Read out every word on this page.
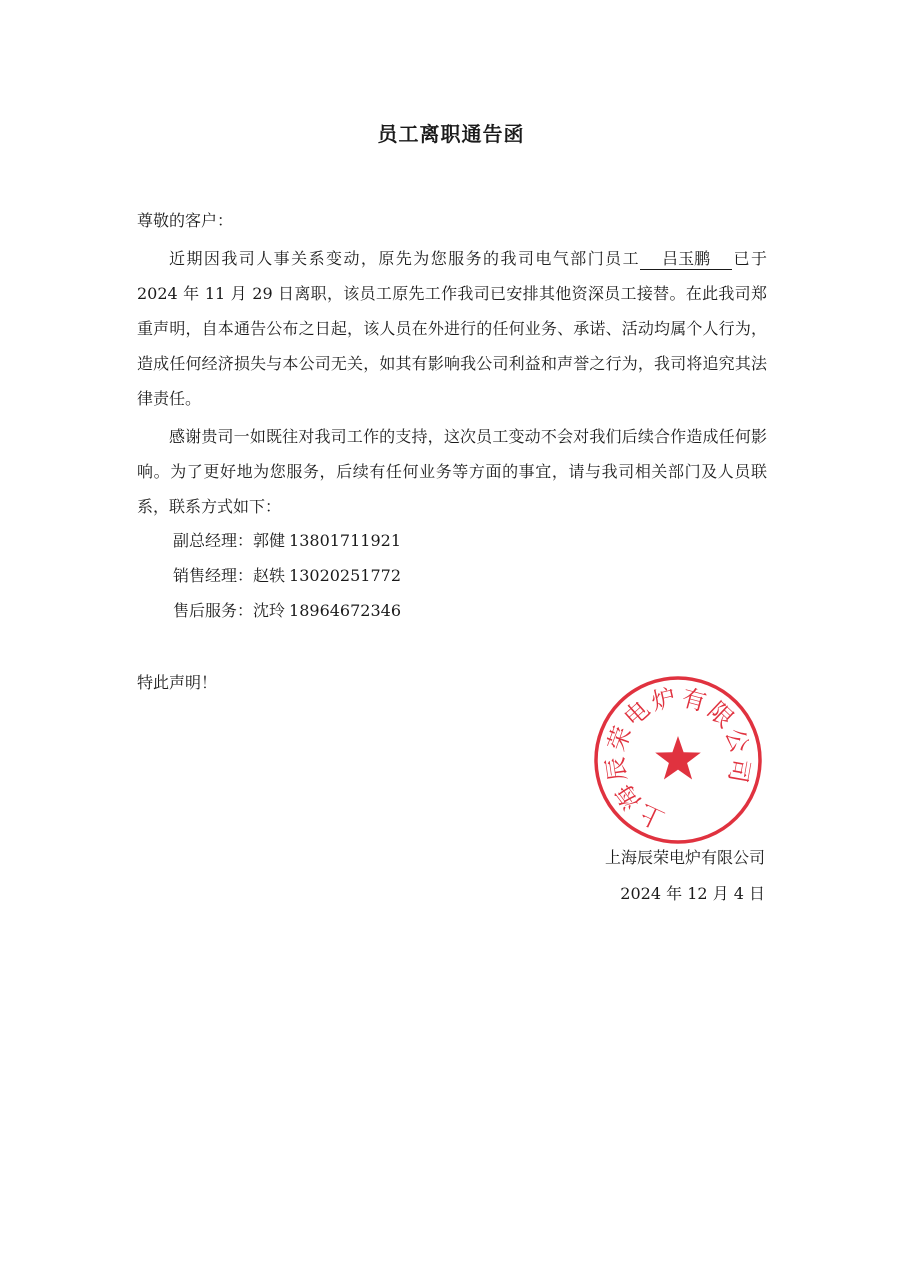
员工离职通告函
尊敬的客户：

近期因我司人事关系变动，原先为您服务的我司电气部门员工 吕玉鹏 已于 2024 年 11 月 29 日离职，该员工原先工作我司已安排其他资深员工接替。在此我司郑重声明，自本通告公布之日起，该人员在外进行的任何业务、承诺、活动均属个人行为，造成任何经济损失与本公司无关，如其有影响我公司利益和声誉之行为，我司将追究其法律责任。

感谢贵司一如既往对我司工作的支持，这次员工变动不会对我们后续合作造成任何影响。为了更好地为您服务，后续有任何业务等方面的事宜，请与我司相关部门及人员联系，联系方式如下：

副总经理：郭健 13801711921
销售经理：赵轶 13020251772
售后服务：沈玲 18964672346
特此声明！
上
海
辰
荣
电
炉 有
限
公
司
上海辰荣电炉有限公司
2024 年 12 月 4 日
